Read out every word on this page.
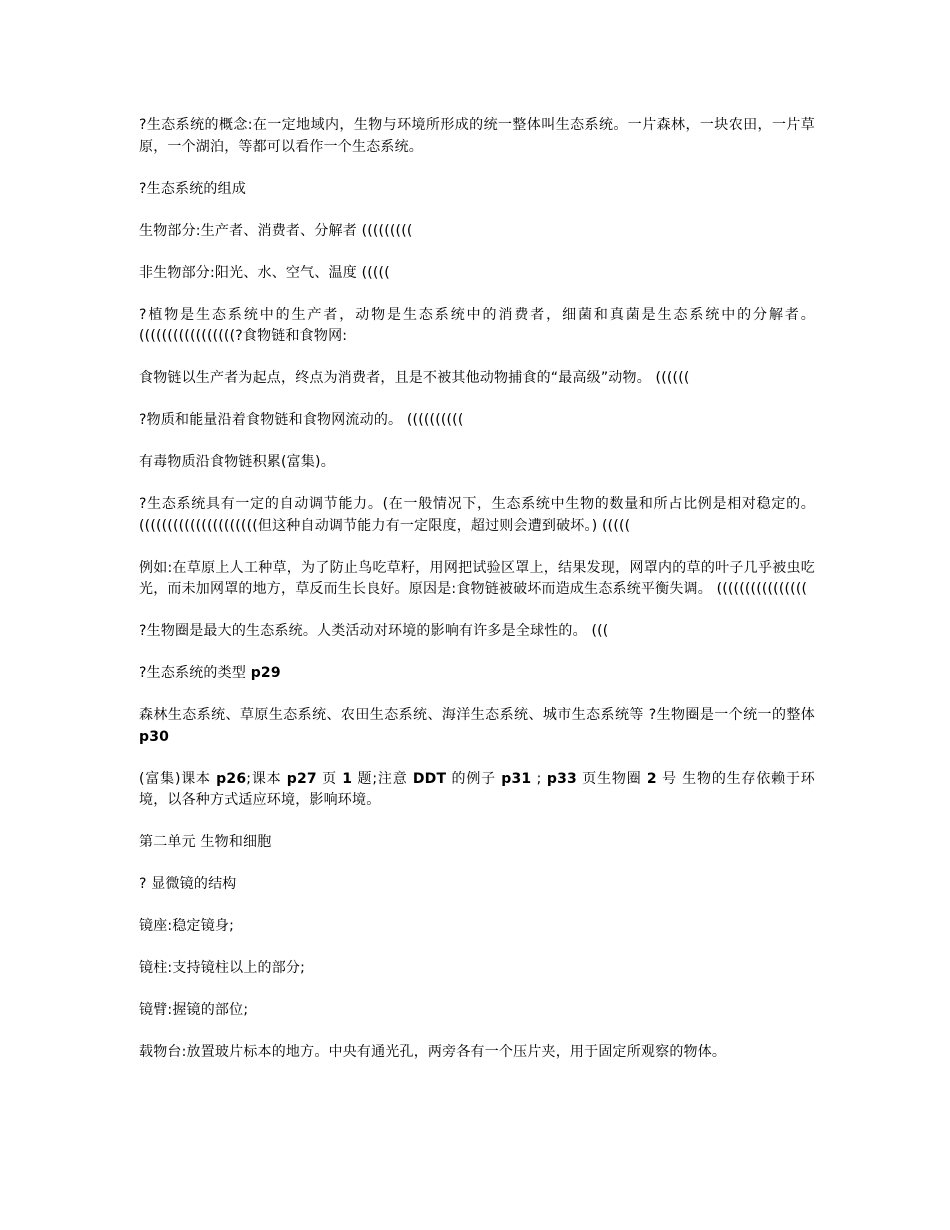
?生态系统的概念:在一定地域内，生物与环境所形成的统一整体叫生态系统。一片森林，一块农田，一片草原，一个湖泊，等都可以看作一个生态系统。

?生态系统的组成

生物部分:生产者、消费者、分解者 (((((((((

非生物部分:阳光、水、空气、温度 (((((

?植物是生态系统中的生产者，动物是生态系统中的消费者，细菌和真菌是生态系统中的分解者。(((((((((((((((((?食物链和食物网:

食物链以生产者为起点，终点为消费者，且是不被其他动物捕食的“最高级”动物。 ((((((

?物质和能量沿着食物链和食物网流动的。 ((((((((((

有毒物质沿食物链积累(富集)。

?生态系统具有一定的自动调节能力。(在一般情况下，生态系统中生物的数量和所占比例是相对稳定的。(((((((((((((((((((((但这种自动调节能力有一定限度，超过则会遭到破坏。) (((((

例如:在草原上人工种草，为了防止鸟吃草籽，用网把试验区罩上，结果发现，网罩内的草的叶子几乎被虫吃光，而未加网罩的地方，草反而生长良好。原因是:食物链被破坏而造成生态系统平衡失调。 ((((((((((((((((

?生物圈是最大的生态系统。人类活动对环境的影响有许多是全球性的。 (((

?生态系统的类型 p29

森林生态系统、草原生态系统、农田生态系统、海洋生态系统、城市生态系统等 ?生物圈是一个统一的整体 p30

(富集)课本 p26;课本 p27 页 1 题;注意 DDT 的例子 p31 ; p33 页生物圈 2 号 生物的生存依赖于环境，以各种方式适应环境，影响环境。

第二单元 生物和细胞

? 显微镜的结构

镜座:稳定镜身;

镜柱:支持镜柱以上的部分;

镜臂:握镜的部位;

载物台:放置玻片标本的地方。中央有通光孔，两旁各有一个压片夹，用于固定所观察的物体。
